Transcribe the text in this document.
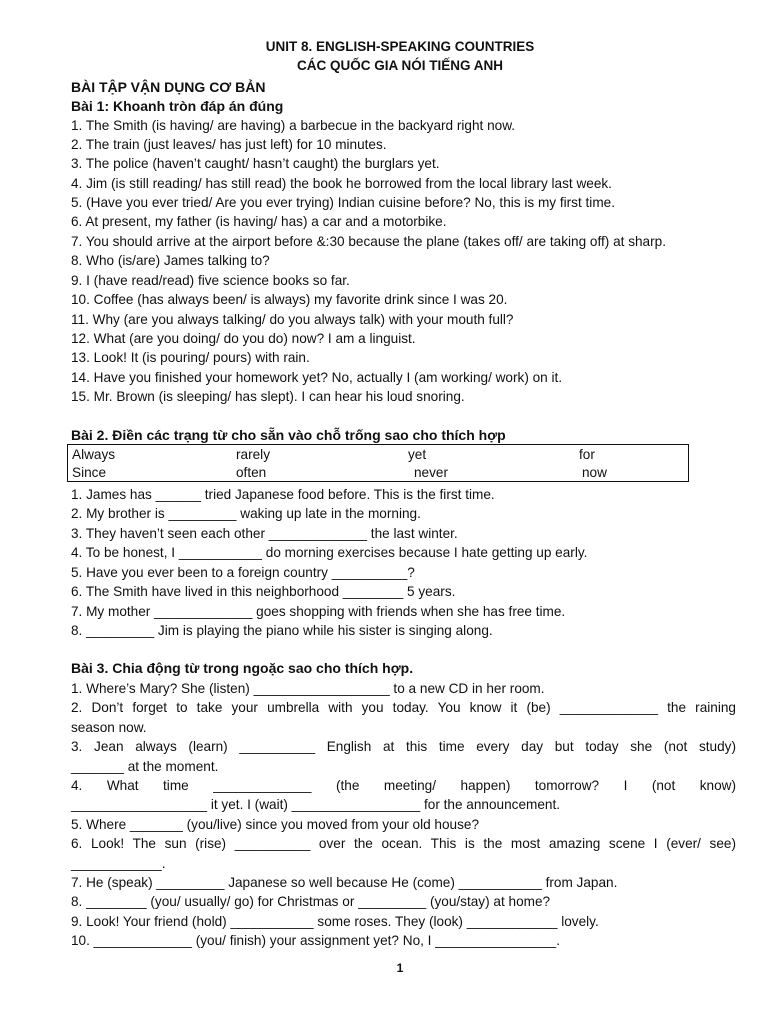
UNIT 8. ENGLISH-SPEAKING COUNTRIES
CÁC QUỐC GIA NÓI TIẾNG ANH
BÀI TẬP VẬN DỤNG CƠ BẢN
Bài 1: Khoanh tròn đáp án đúng
1. The Smith (is having/ are having) a barbecue in the backyard right now.
2. The train (just leaves/ has just left) for 10 minutes.
3. The police (haven’t caught/ hasn’t caught) the burglars yet.
4. Jim (is still reading/ has still read) the book he borrowed from the local library last week.
5. (Have you ever tried/ Are you ever trying) Indian cuisine before? No, this is my first time.
6. At present, my father (is having/ has) a car and a motorbike.
7. You should arrive at the airport before &:30 because the plane (takes off/ are taking off) at sharp.
8. Who (is/are) James talking to?
9. I (have read/read) five science books so far.
10. Coffee (has always been/ is always) my favorite drink since I was 20.
11. Why (are you always talking/ do you always talk) with your mouth full?
12. What (are you doing/ do you do) now? I am a linguist.
13. Look! It (is pouring/ pours) with rain.
14. Have you finished your homework yet? No, actually I (am working/ work) on it.
15. Mr. Brown (is sleeping/ has slept). I can hear his loud snoring.
Bài 2. Điền các trạng từ cho sẵn vào chỗ trống sao cho thích hợp
Always	rarely	yet	for
Since	often	never	now
1. James has ______ tried Japanese food before. This is the first time.
2. My brother is _________ waking up late in the morning.
3. They haven’t seen each other _____________ the last winter.
4. To be honest, I ___________ do morning exercises because I hate getting up early.
5. Have you ever been to a foreign country __________?
6. The Smith have lived in this neighborhood ________ 5 years.
7. My mother _____________ goes shopping with friends when she has free time.
8. _________ Jim is playing the piano while his sister is singing along.
Bài 3. Chia động từ trong ngoặc sao cho thích hợp.
1. Where’s Mary? She (listen) __________________ to a new CD in her room.
2. Don’t forget to take your umbrella with you today. You know it (be) _____________ the raining
season now.
3. Jean always (learn) __________ English at this time every day but today she (not study)
_______ at the moment.
4. What time _____________ (the meeting/ happen) tomorrow? I (not know)
__________________ it yet. I (wait) _________________ for the announcement.
5. Where _______ (you/live) since you moved from your old house?
6. Look! The sun (rise) __________ over the ocean. This is the most amazing scene I (ever/ see)
____________.
7. He (speak) _________ Japanese so well because He (come) ___________ from Japan.
8. ________ (you/ usually/ go) for Christmas or _________ (you/stay) at home?
9. Look! Your friend (hold) ___________ some roses. They (look) ____________ lovely.
10. _____________ (you/ finish) your assignment yet? No, I ________________.
1
